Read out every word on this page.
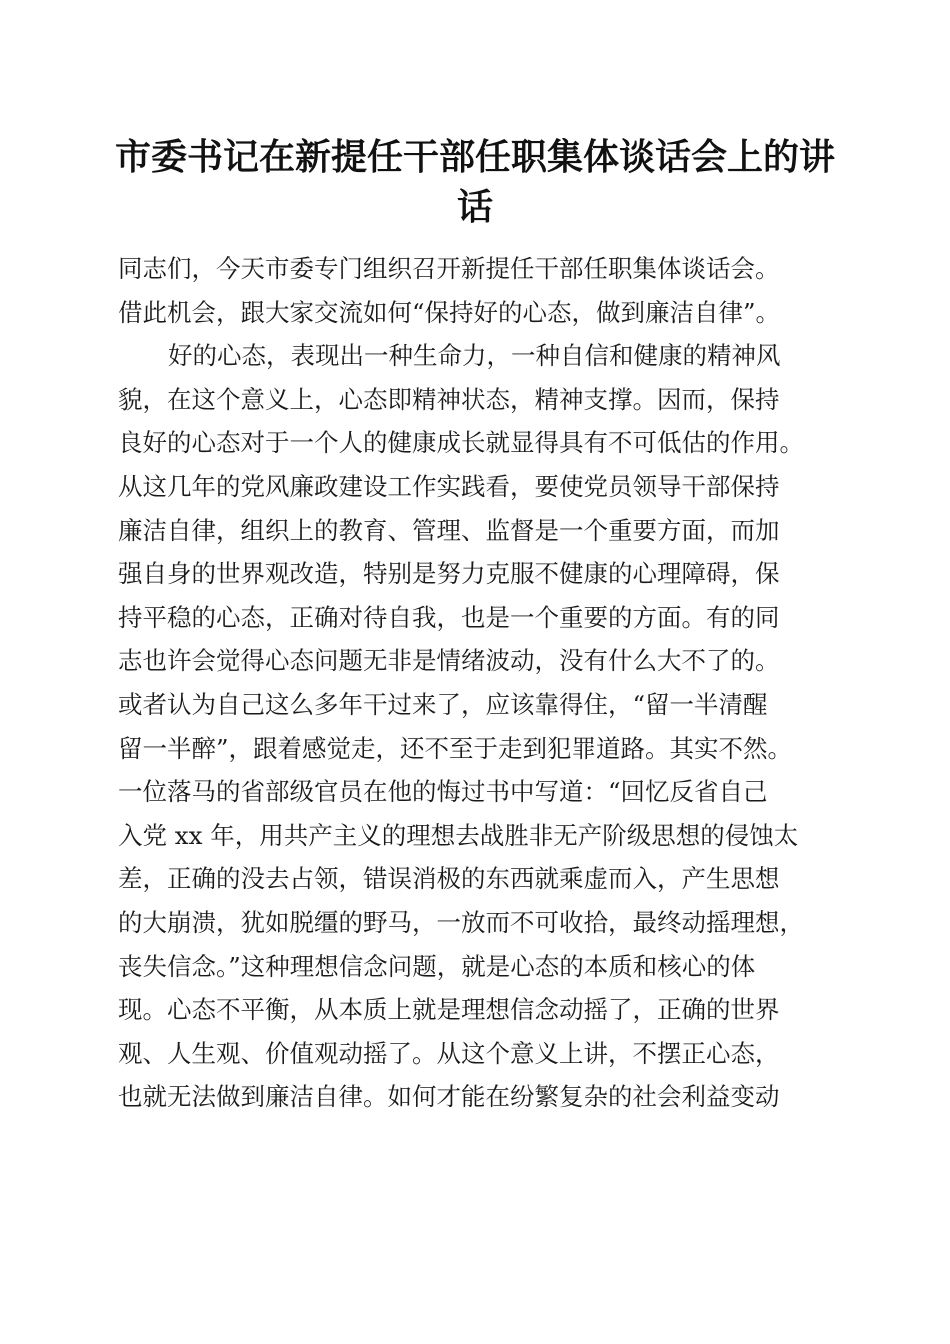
市委书记在新提任干部任职集体谈话会上的讲
话
同志们，今天市委专门组织召开新提任干部任职集体谈话会。
借此机会，跟大家交流如何“保持好的心态，做到廉洁自律”。
好的心态，表现出一种生命力，一种自信和健康的精神风
貌，在这个意义上，心态即精神状态，精神支撑。因而，保持
良好的心态对于一个人的健康成长就显得具有不可低估的作用。
从这几年的党风廉政建设工作实践看，要使党员领导干部保持
廉洁自律，组织上的教育、管理、监督是一个重要方面，而加
强自身的世界观改造，特别是努力克服不健康的心理障碍，保
持平稳的心态，正确对待自我，也是一个重要的方面。有的同
志也许会觉得心态问题无非是情绪波动，没有什么大不了的。
或者认为自己这么多年干过来了，应该靠得住，“留一半清醒
留一半醉”，跟着感觉走，还不至于走到犯罪道路。其实不然。
一位落马的省部级官员在他的悔过书中写道：“回忆反省自己
入党 xx 年，用共产主义的理想去战胜非无产阶级思想的侵蚀太
差，正确的没去占领，错误消极的东西就乘虚而入，产生思想
的大崩溃，犹如脱缰的野马，一放而不可收拾，最终动摇理想，
丧失信念。”这种理想信念问题，就是心态的本质和核心的体
现。心态不平衡，从本质上就是理想信念动摇了，正确的世界
观、人生观、价值观动摇了。从这个意义上讲，不摆正心态，
也就无法做到廉洁自律。如何才能在纷繁复杂的社会利益变动
